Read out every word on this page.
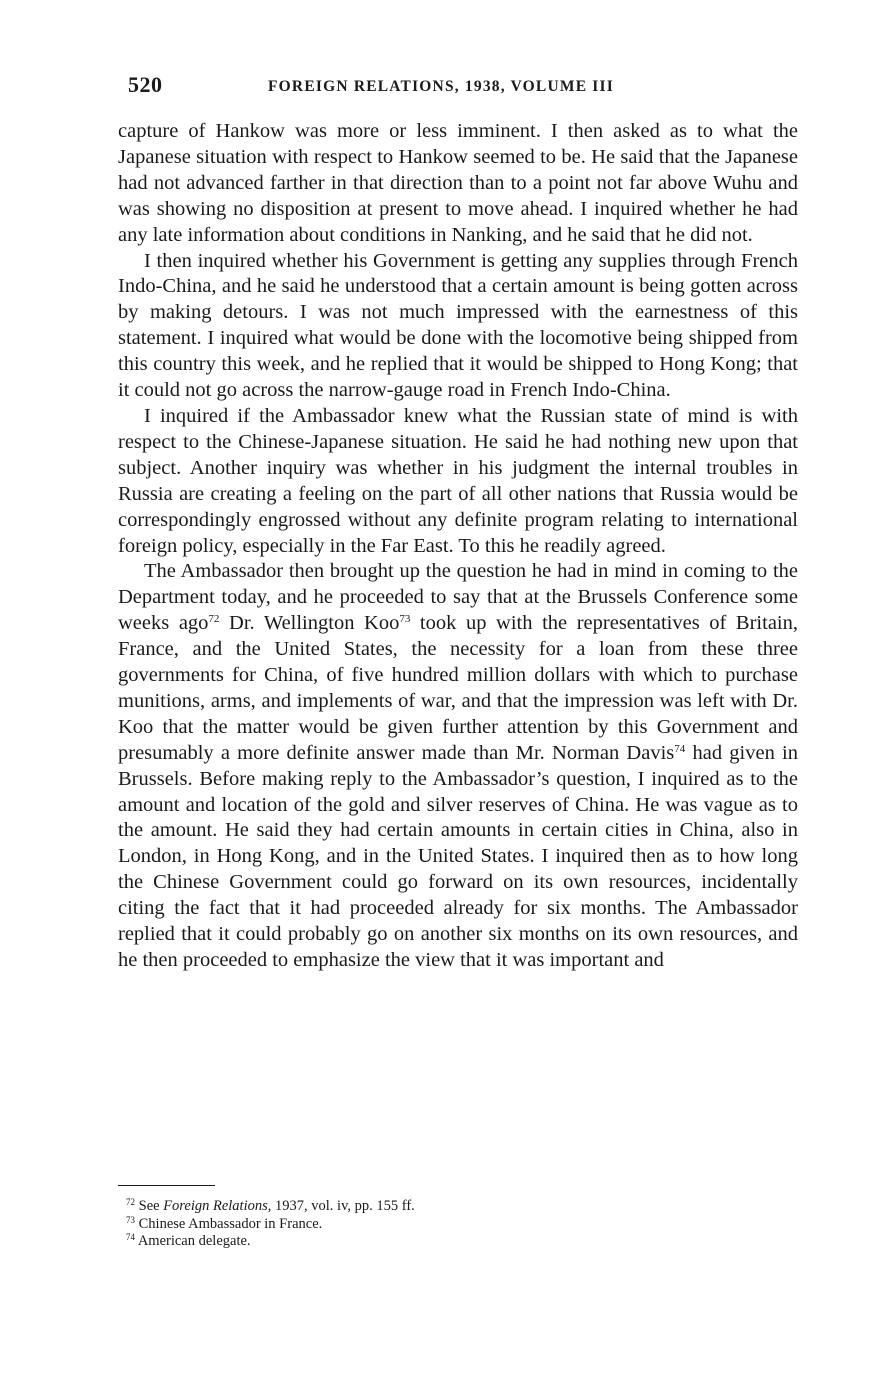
520	FOREIGN RELATIONS, 1938, VOLUME III

capture of Hankow was more or less imminent. I then asked as to what the Japanese situation with respect to Hankow seemed to be. He said that the Japanese had not advanced farther in that direction than to a point not far above Wuhu and was showing no disposition at present to move ahead. I inquired whether he had any late information about conditions in Nanking, and he said that he did not.

I then inquired whether his Government is getting any supplies through French Indo-China, and he said he understood that a certain amount is being gotten across by making detours. I was not much impressed with the earnestness of this statement. I inquired what would be done with the locomotive being shipped from this country this week, and he replied that it would be shipped to Hong Kong; that it could not go across the narrow-gauge road in French Indo-China.

I inquired if the Ambassador knew what the Russian state of mind is with respect to the Chinese-Japanese situation. He said he had nothing new upon that subject. Another inquiry was whether in his judgment the internal troubles in Russia are creating a feeling on the part of all other nations that Russia would be correspondingly engrossed without any definite program relating to international foreign policy, especially in the Far East. To this he readily agreed.

The Ambassador then brought up the question he had in mind in coming to the Department today, and he proceeded to say that at the Brussels Conference some weeks ago$^{72}$ Dr. Wellington Koo$^{73}$ took up with the representatives of Britain, France, and the United States, the necessity for a loan from these three governments for China, of five hundred million dollars with which to purchase munitions, arms, and implements of war, and that the impression was left with Dr. Koo that the matter would be given further attention by this Government and presumably a more definite answer made than Mr. Norman Davis$^{74}$ had given in Brussels. Before making reply to the Ambassador’s question, I inquired as to the amount and location of the gold and silver reserves of China. He was vague as to the amount. He said they had certain amounts in certain cities in China, also in London, in Hong Kong, and in the United States. I inquired then as to how long the Chinese Government could go forward on its own resources, incidentally citing the fact that it had proceeded already for six months. The Ambassador replied that it could probably go on another six months on its own resources, and he then proceeded to emphasize the view that it was important and

$^{72}$ See Foreign Relations, 1937, vol. iv, pp. 155 ff.

$^{73}$ Chinese Ambassador in France.

$^{74}$ American delegate.
